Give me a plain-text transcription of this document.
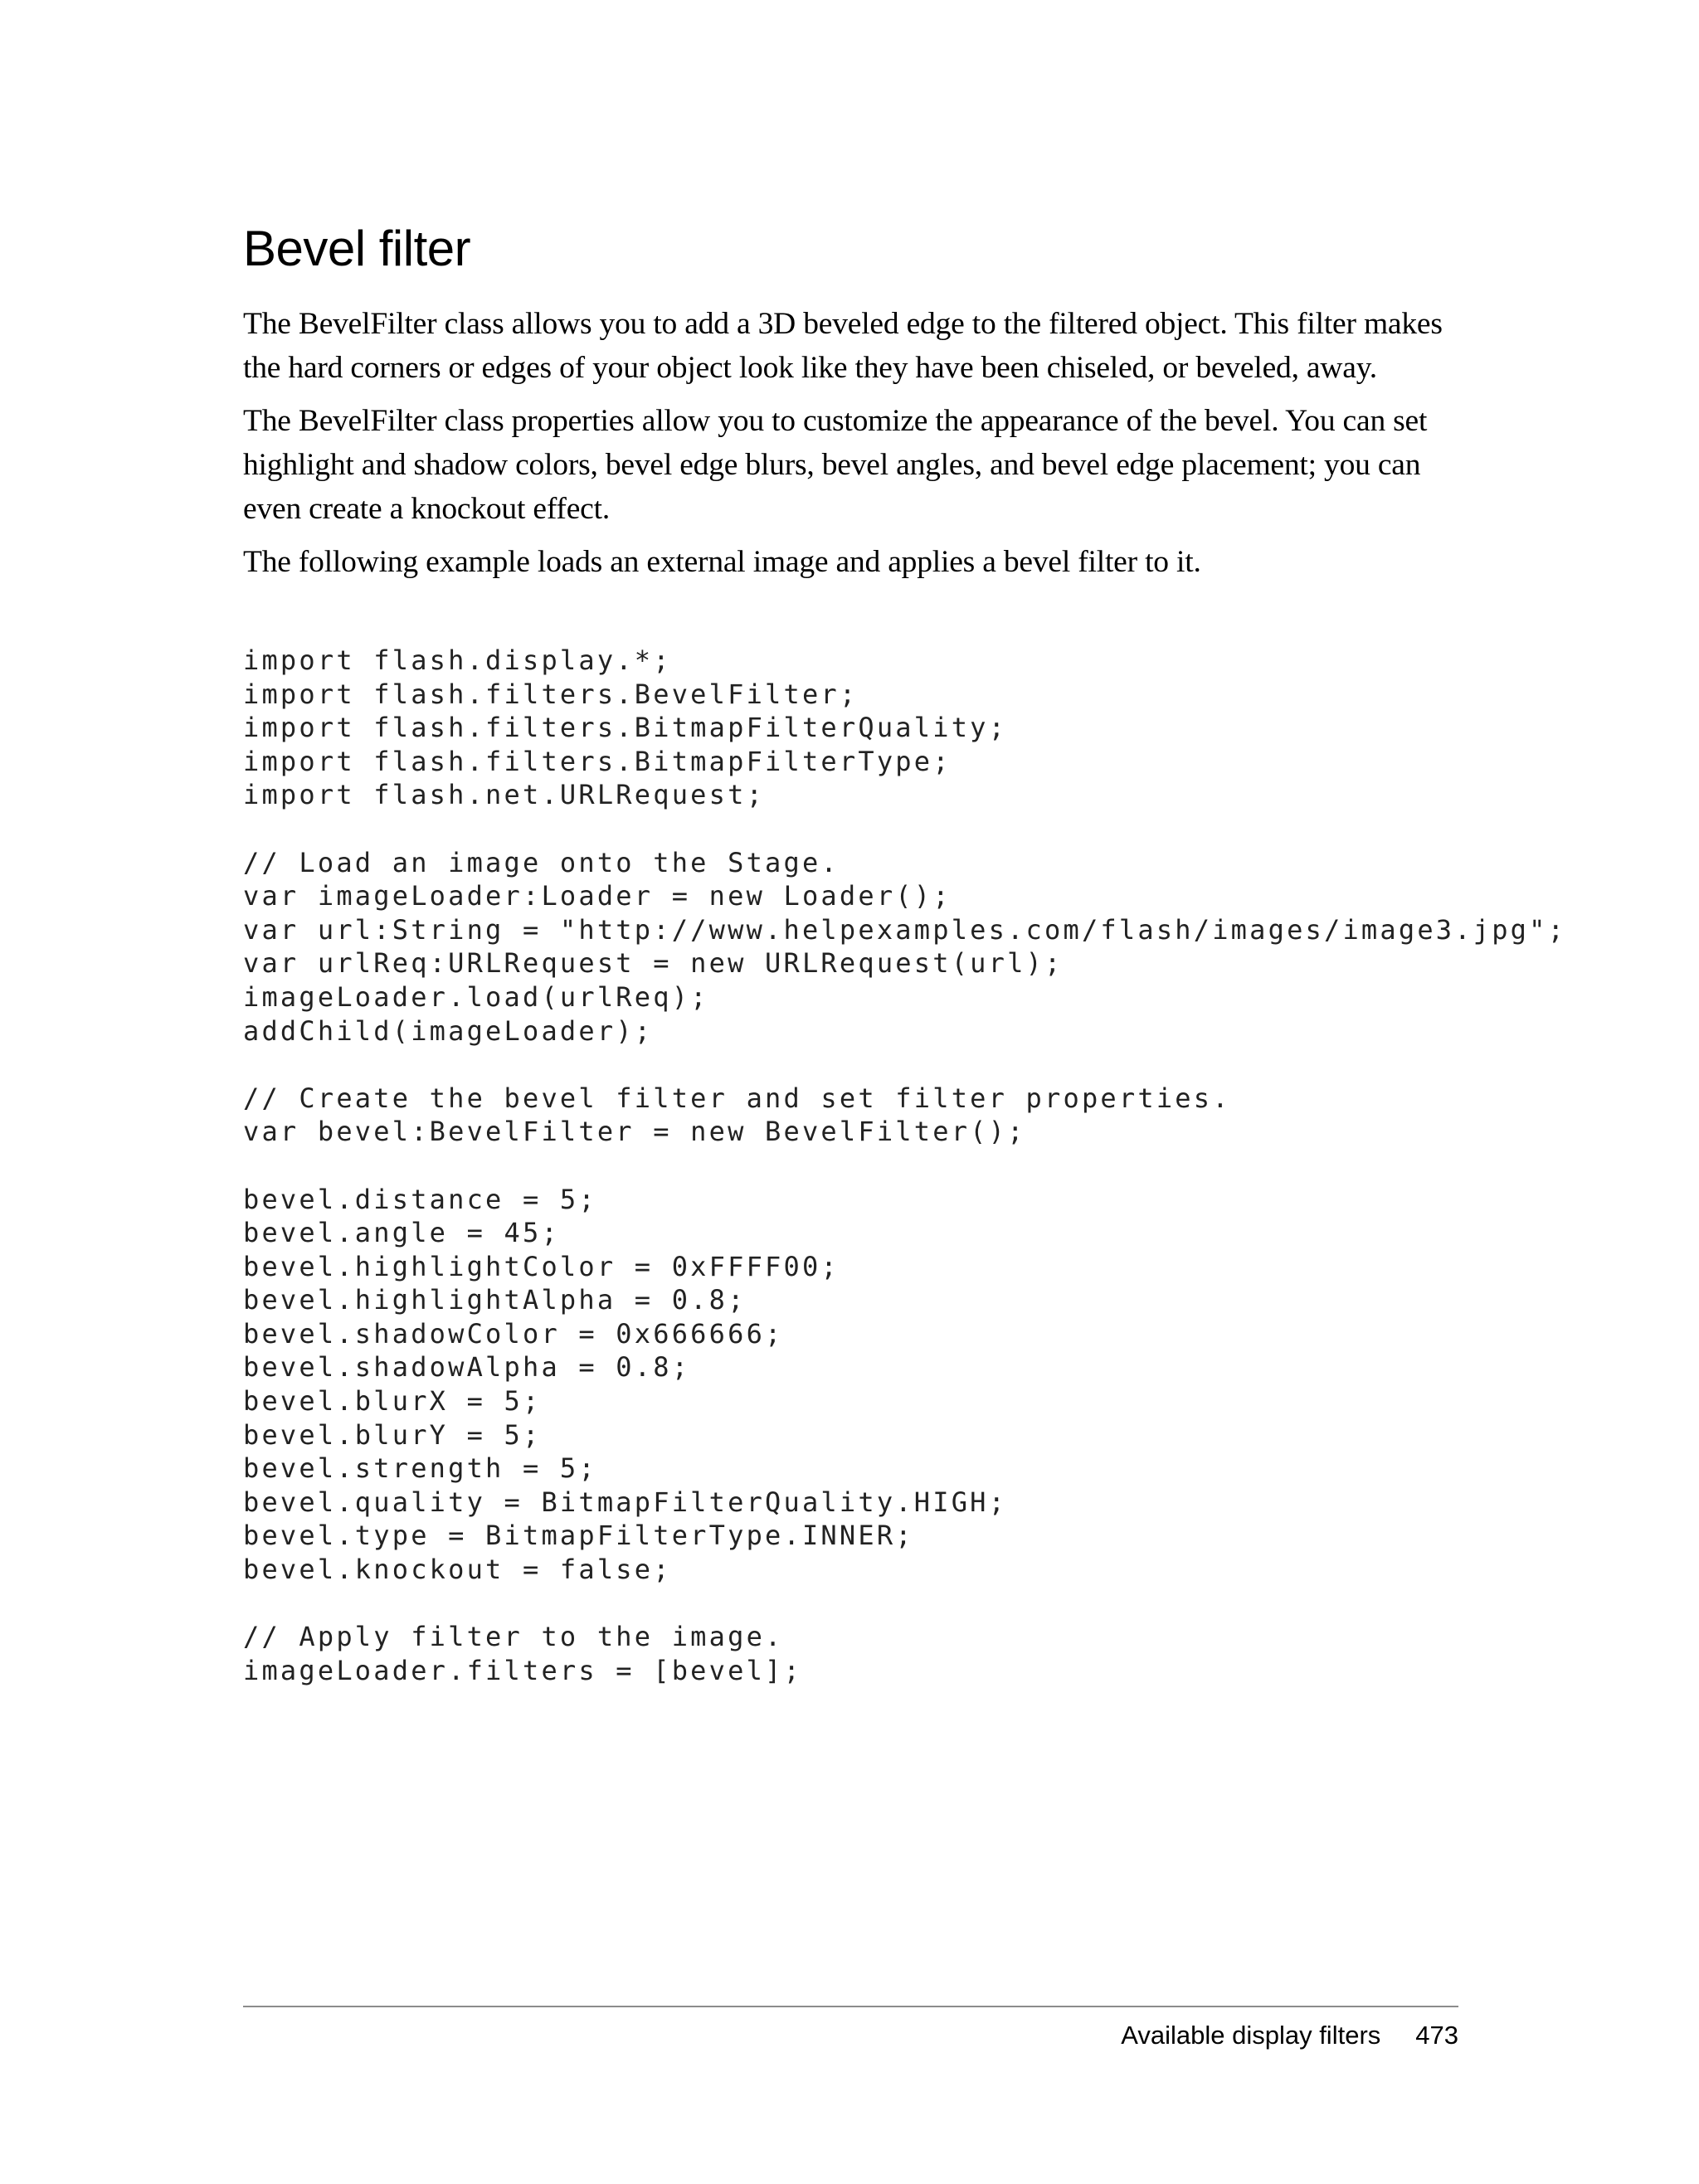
Bevel filter

The BevelFilter class allows you to add a 3D beveled edge to the filtered object. This filter makes the hard corners or edges of your object look like they have been chiseled, or beveled, away.

The BevelFilter class properties allow you to customize the appearance of the bevel. You can set highlight and shadow colors, bevel edge blurs, bevel angles, and bevel edge placement; you can even create a knockout effect.

The following example loads an external image and applies a bevel filter to it.

import flash.display.*;
import flash.filters.BevelFilter;
import flash.filters.BitmapFilterQuality;
import flash.filters.BitmapFilterType;
import flash.net.URLRequest;
// Load an image onto the Stage.
var imageLoader:Loader = new Loader();
var url:String = "http://www.helpexamples.com/flash/images/image3.jpg";
var urlReq:URLRequest = new URLRequest(url);
imageLoader.load(urlReq);
addChild(imageLoader);
// Create the bevel filter and set filter properties.
var bevel:BevelFilter = new BevelFilter();
bevel.distance = 5;
bevel.angle = 45;
bevel.highlightColor = 0xFFFF00;
bevel.highlightAlpha = 0.8;
bevel.shadowColor = 0x666666;
bevel.shadowAlpha = 0.8;
bevel.blurX = 5;
bevel.blurY = 5;
bevel.strength = 5;
bevel.quality = BitmapFilterQuality.HIGH;
bevel.type = BitmapFilterType.INNER;
bevel.knockout = false;
// Apply filter to the image.
imageLoader.filters = [bevel];
Available display filters 473
